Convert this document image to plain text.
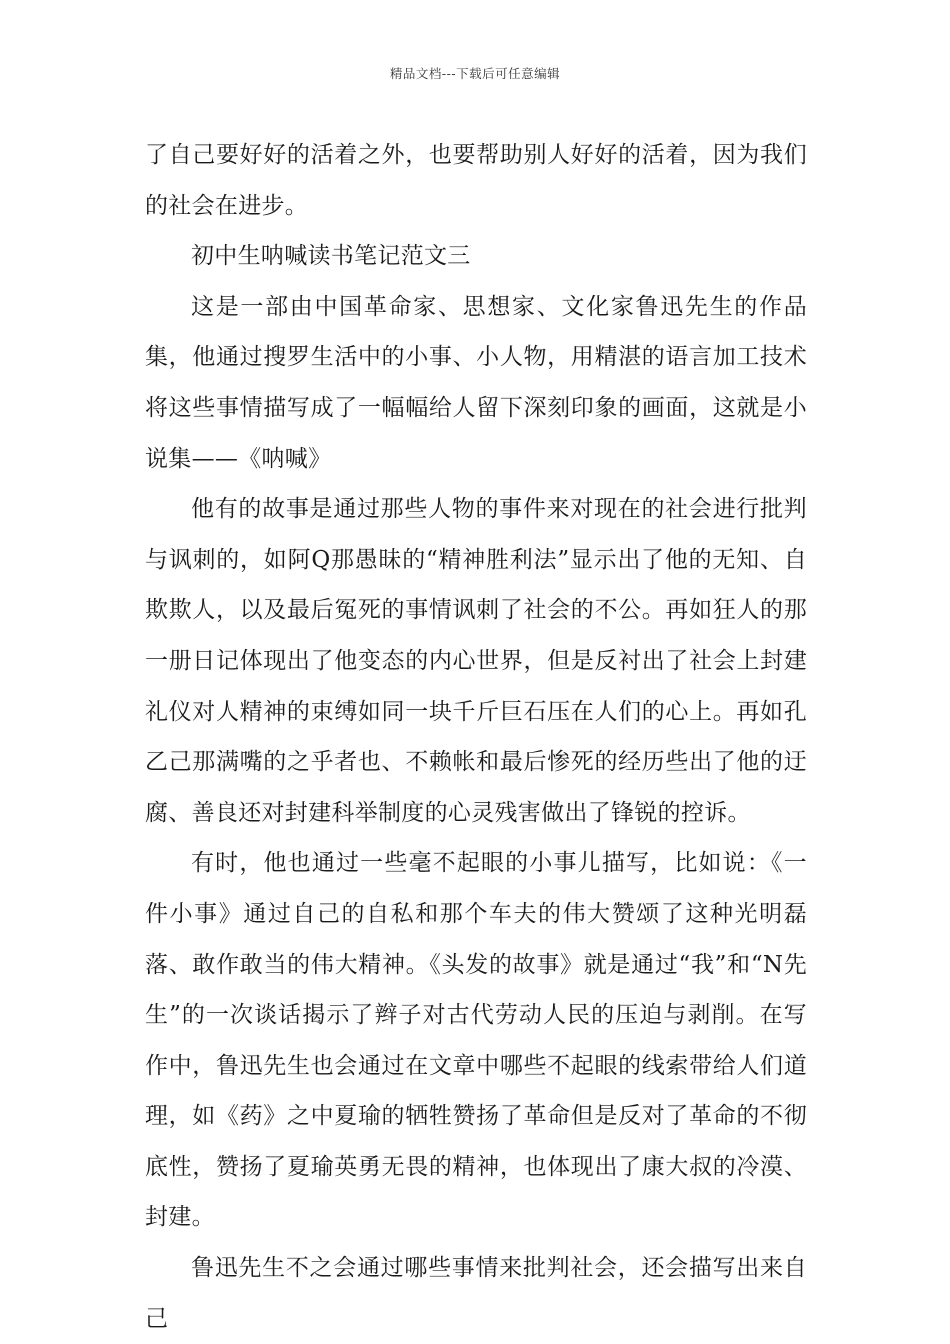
精品文档---下载后可任意编辑

了自己要好好的活着之外，也要帮助别人好好的活着，因为我们的社会在进步。

初中生呐喊读书笔记范文三

这是一部由中国革命家、思想家、文化家鲁迅先生的作品集，他通过搜罗生活中的小事、小人物，用精湛的语言加工技术将这些事情描写成了一幅幅给人留下深刻印象的画面，这就是小说集——《呐喊》

他有的故事是通过那些人物的事件来对现在的社会进行批判与讽刺的，如阿Q那愚昧的“精神胜利法”显示出了他的无知、自欺欺人，以及最后冤死的事情讽刺了社会的不公。再如狂人的那一册日记体现出了他变态的内心世界，但是反衬出了社会上封建礼仪对人精神的束缚如同一块千斤巨石压在人们的心上。再如孔乙己那满嘴的之乎者也、不赖帐和最后惨死的经历些出了他的迂腐、善良还对封建科举制度的心灵残害做出了锋锐的控诉。

有时，他也通过一些毫不起眼的小事儿描写，比如说：《一件小事》通过自己的自私和那个车夫的伟大赞颂了这种光明磊落、敢作敢当的伟大精神。《头发的故事》就是通过“我”和“N先生”的一次谈话揭示了辫子对古代劳动人民的压迫与剥削。在写作中，鲁迅先生也会通过在文章中哪些不起眼的线索带给人们道理，如《药》之中夏瑜的牺牲赞扬了革命但是反对了革命的不彻底性，赞扬了夏瑜英勇无畏的精神，也体现出了康大叔的冷漠、封建。

鲁迅先生不之会通过哪些事情来批判社会，还会描写出来自己
